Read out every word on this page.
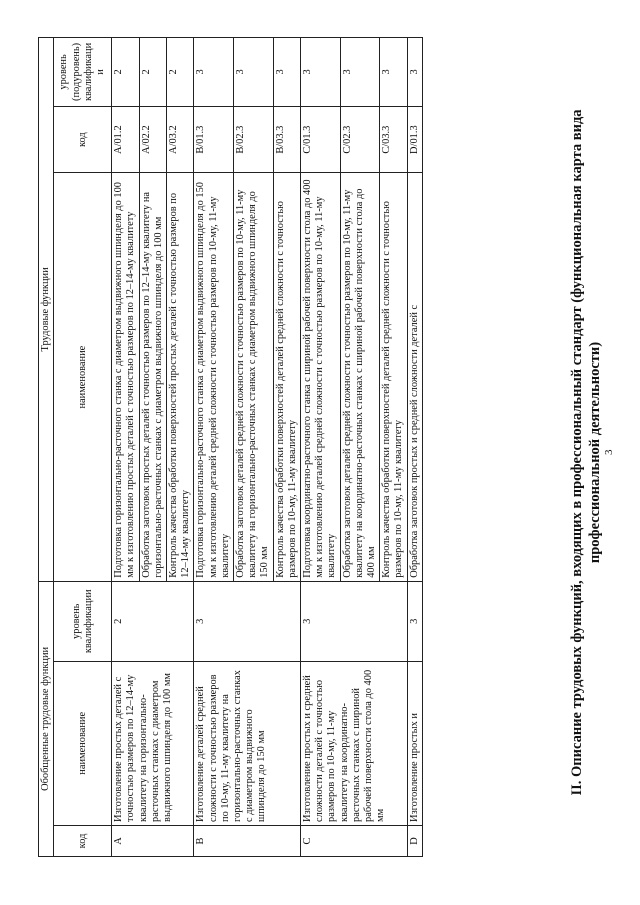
3
II. Описание трудовых функций, входящих в профессиональный стандарт (функциональная карта вида профессиональной деятельности)
Обобщенные трудовые функции			Трудовые функции		
код	наименование	уровень квалификации	наименование	код	уровень (подуровень) квалификации
A	Изготовление простых деталей с точностью размеров по 12–14-му квалитету на горизонтально-расточных станках с диаметром выдвижного шпинделя до 100 мм	2	Подготовка горизонтально-расточного станка с диаметром выдвижного шпинделя до 100 мм к изготовлению простых деталей с точностью размеров по 12–14-му квалитету	A/01.2	2
			Обработка заготовок простых деталей с точностью размеров по 12–14-му квалитету на горизонтально-расточных станках с диаметром выдвижного шпинделя до 100 мм	A/02.2	2
			Контроль качества обработки поверхностей простых деталей с точностью размеров по 12–14-му квалитету	A/03.2	2
B	Изготовление деталей средней сложности с точностью размеров по 10-му, 11-му квалитету на горизонтально-расточных станках с диаметром выдвижного шпинделя до 150 мм	3	Подготовка горизонтально-расточного станка с диаметром выдвижного шпинделя до 150 мм к изготовлению деталей средней сложности с точностью размеров по 10-му, 11-му квалитету	B/01.3	3
			Обработка заготовок деталей средней сложности с точностью размеров по 10-му, 11-му квалитету на горизонтально-расточных станках с диаметром выдвижного шпинделя до 150 мм	B/02.3	3
			Контроль качества обработки поверхностей деталей средней сложности с точностью размеров по 10-му, 11-му квалитету	B/03.3	3
C	Изготовление простых и средней сложности деталей с точностью размеров по 10-му, 11-му квалитету на координатно-расточных станках с шириной рабочей поверхности стола до 400 мм	3	Подготовка координатно-расточного станка с шириной рабочей поверхности стола до 400 мм к изготовлению деталей средней сложности с точностью размеров по 10-му, 11-му квалитету	C/01.3	3
			Обработка заготовок деталей средней сложности с точностью размеров по 10-му, 11-му квалитету на координатно-расточных станках с шириной рабочей поверхности стола до 400 мм	C/02.3	3
			Контроль качества обработки поверхностей деталей средней сложности с точностью размеров по 10-му, 11-му квалитету	C/03.3	3
D	Изготовление простых и	3	Обработка заготовок простых и средней сложности деталей с	D/01.3	3
